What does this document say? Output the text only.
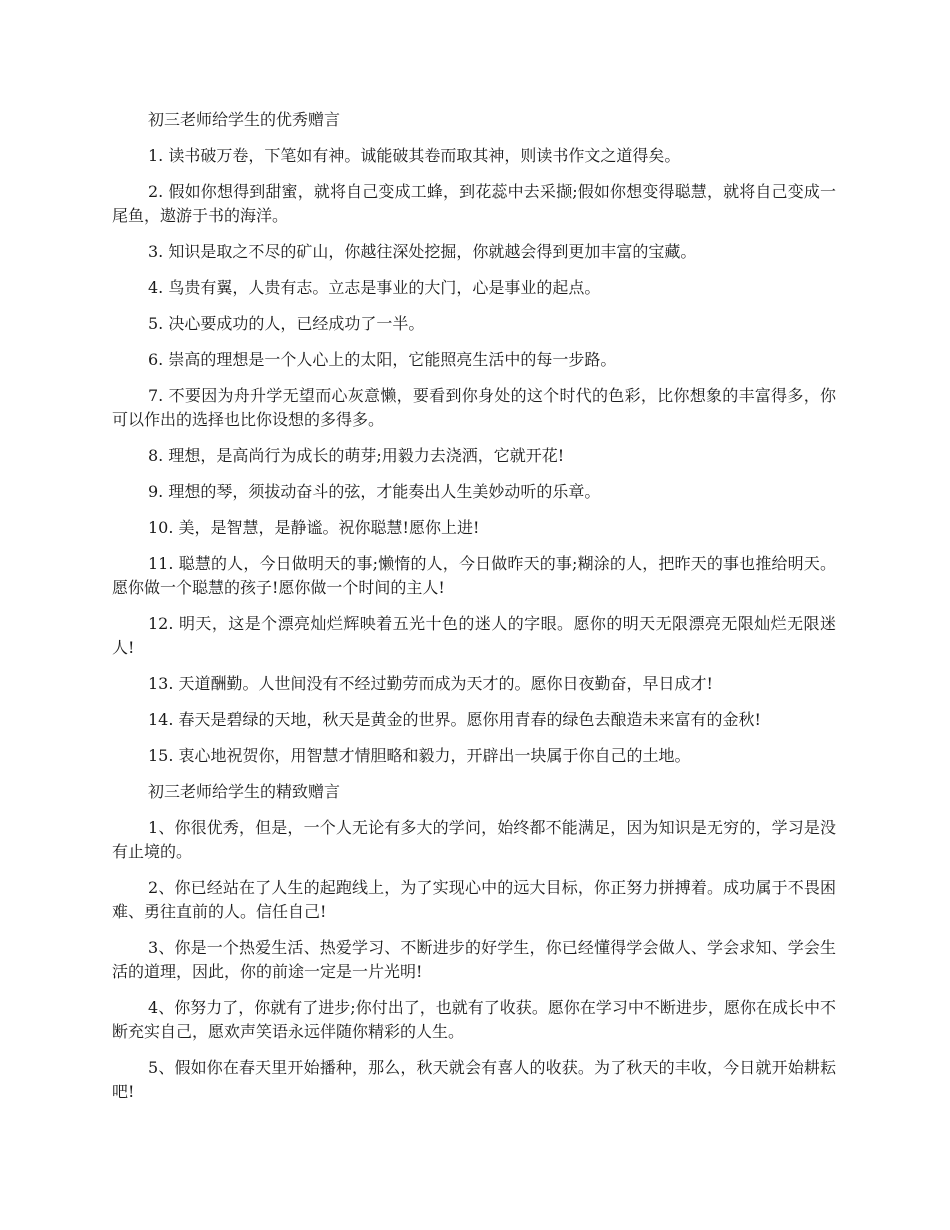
初三老师给学生的优秀赠言

1. 读书破万卷，下笔如有神。诚能破其卷而取其神，则读书作文之道得矣。

2. 假如你想得到甜蜜，就将自己变成工蜂，到花蕊中去采撷;假如你想变得聪慧，就将自己变成一尾鱼，遨游于书的海洋。

3. 知识是取之不尽的矿山，你越往深处挖掘，你就越会得到更加丰富的宝藏。

4. 鸟贵有翼，人贵有志。立志是事业的大门，心是事业的起点。

5. 决心要成功的人，已经成功了一半。

6. 崇高的理想是一个人心上的太阳，它能照亮生活中的每一步路。

7. 不要因为舟升学无望而心灰意懒，要看到你身处的这个时代的色彩，比你想象的丰富得多，你可以作出的选择也比你设想的多得多。

8. 理想，是高尚行为成长的萌芽;用毅力去浇洒，它就开花!

9. 理想的琴，须拔动奋斗的弦，才能奏出人生美妙动听的乐章。

10. 美，是智慧，是静谧。祝你聪慧!愿你上进!

11. 聪慧的人，今日做明天的事;懒惰的人，今日做昨天的事;糊涂的人，把昨天的事也推给明天。愿你做一个聪慧的孩子!愿你做一个时间的主人!

12. 明天，这是个漂亮灿烂辉映着五光十色的迷人的字眼。愿你的明天无限漂亮无限灿烂无限迷人!

13. 天道酬勤。人世间没有不经过勤劳而成为天才的。愿你日夜勤奋，早日成才!

14. 春天是碧绿的天地，秋天是黄金的世界。愿你用青春的绿色去酿造未来富有的金秋!

15. 衷心地祝贺你，用智慧才情胆略和毅力，开辟出一块属于你自己的土地。

初三老师给学生的精致赠言

1、你很优秀，但是，一个人无论有多大的学问，始终都不能满足，因为知识是无穷的，学习是没有止境的。

2、你已经站在了人生的起跑线上，为了实现心中的远大目标，你正努力拼搏着。成功属于不畏困难、勇往直前的人。信任自己!

3、你是一个热爱生活、热爱学习、不断进步的好学生，你已经懂得学会做人、学会求知、学会生活的道理，因此，你的前途一定是一片光明!

4、你努力了，你就有了进步;你付出了，也就有了收获。愿你在学习中不断进步，愿你在成长中不断充实自己，愿欢声笑语永远伴随你精彩的人生。

5、假如你在春天里开始播种，那么，秋天就会有喜人的收获。为了秋天的丰收，今日就开始耕耘吧!
